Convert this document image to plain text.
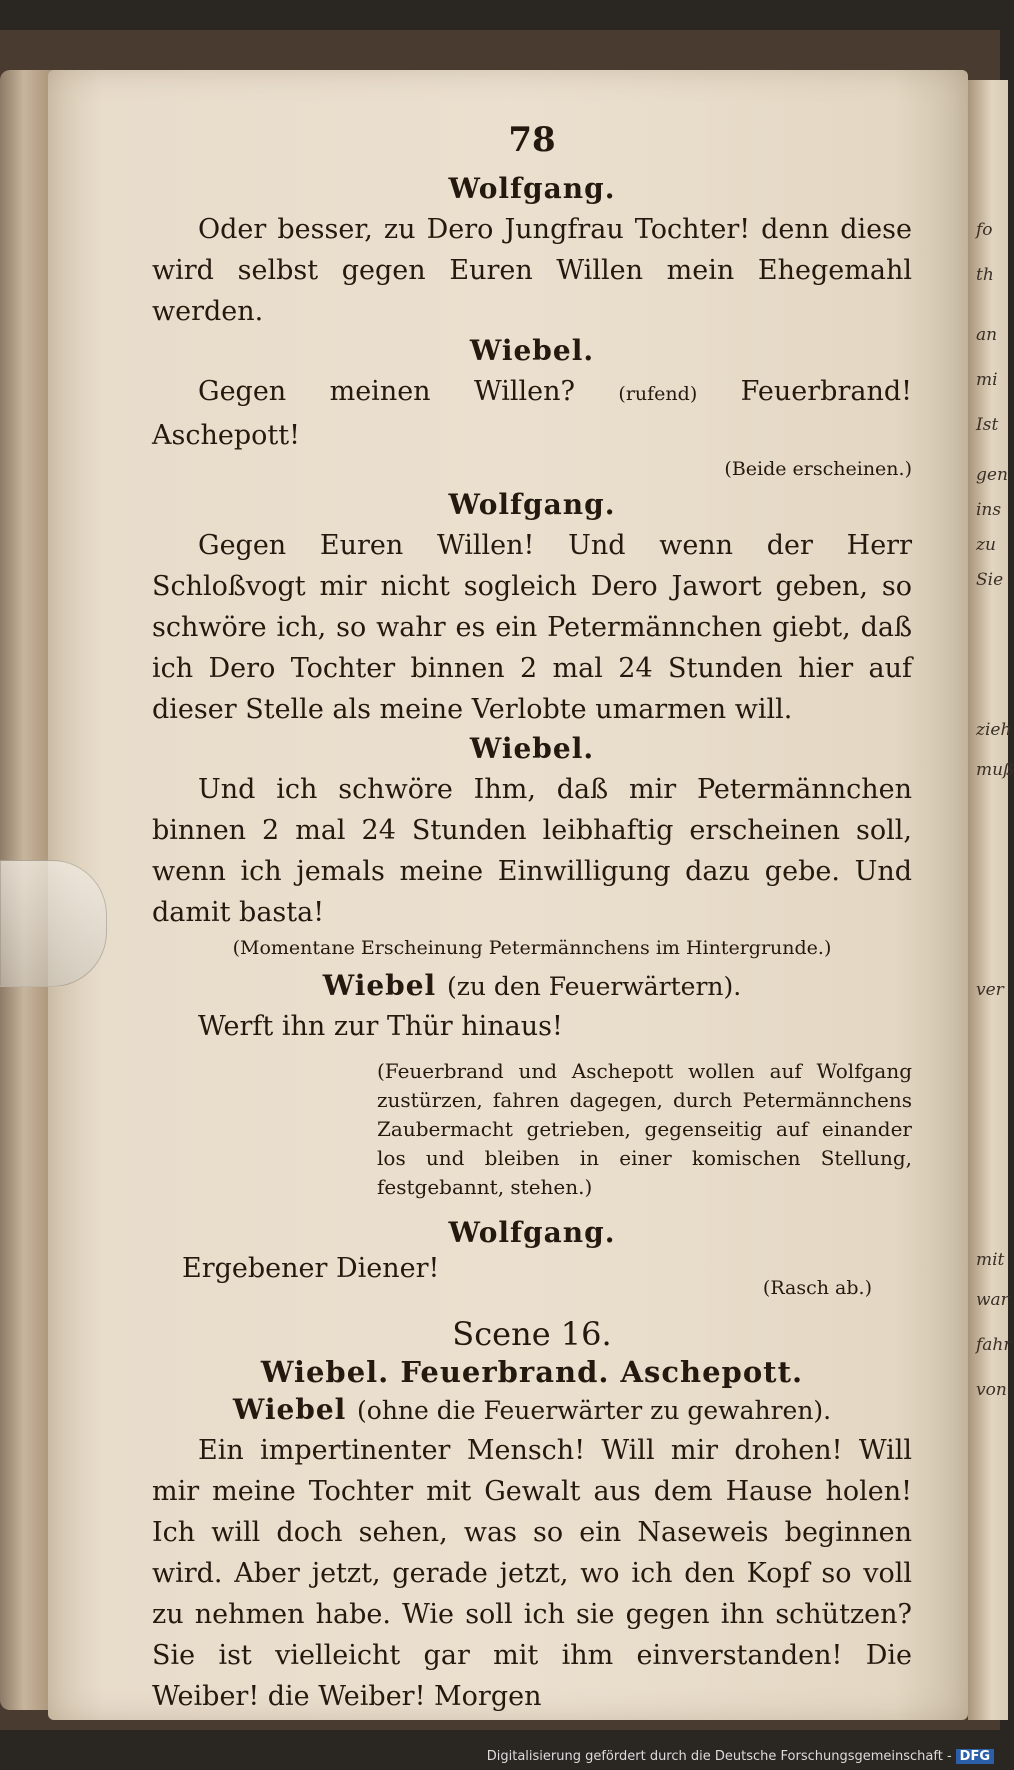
fo
th
an
mi
Ist
gen
ins
zu
Sie
zieh
muß
ver
mit
war
fahr
von
78
Wolfgang.
Oder besser, zu Dero Jungfrau Tochter! denn diese wird selbst gegen Euren Willen mein Ehegemahl werden.
Wiebel.
Gegen meinen Willen? (rufend) Feuerbrand! Aschepott!
(Beide erscheinen.)
Wolfgang.
Gegen Euren Willen! Und wenn der Herr Schloßvogt mir nicht sogleich Dero Jawort geben, so schwöre ich, so wahr es ein Petermännchen giebt, daß ich Dero Tochter binnen 2 mal 24 Stunden hier auf dieser Stelle als meine Verlobte umarmen will.
Wiebel.
Und ich schwöre Ihm, daß mir Petermännchen binnen 2 mal 24 Stunden leibhaftig erscheinen soll, wenn ich jemals meine Einwilligung dazu gebe. Und damit basta!
(Momentane Erscheinung Petermännchens im Hintergrunde.)
Wiebel (zu den Feuerwärtern).
Werft ihn zur Thür hinaus!
(Feuerbrand und Aschepott wollen auf Wolfgang zustürzen, fahren dagegen, durch Petermännchens Zaubermacht getrieben, gegenseitig auf einander los und bleiben in einer komischen Stellung, festgebannt, stehen.)
Wolfgang.
Ergebener Diener!
(Rasch ab.)
Scene 16.
Wiebel. Feuerbrand. Aschepott.
Wiebel (ohne die Feuerwärter zu gewahren).
Ein impertinenter Mensch! Will mir drohen! Will mir meine Tochter mit Gewalt aus dem Hause holen! Ich will doch sehen, was so ein Naseweis beginnen wird. Aber jetzt, gerade jetzt, wo ich den Kopf so voll zu nehmen habe. Wie soll ich sie gegen ihn schützen? Sie ist vielleicht gar mit ihm einverstanden! Die Weiber! die Weiber! Morgen
Digitalisierung gefördert durch die Deutsche Forschungsgemeinschaft - DFG
